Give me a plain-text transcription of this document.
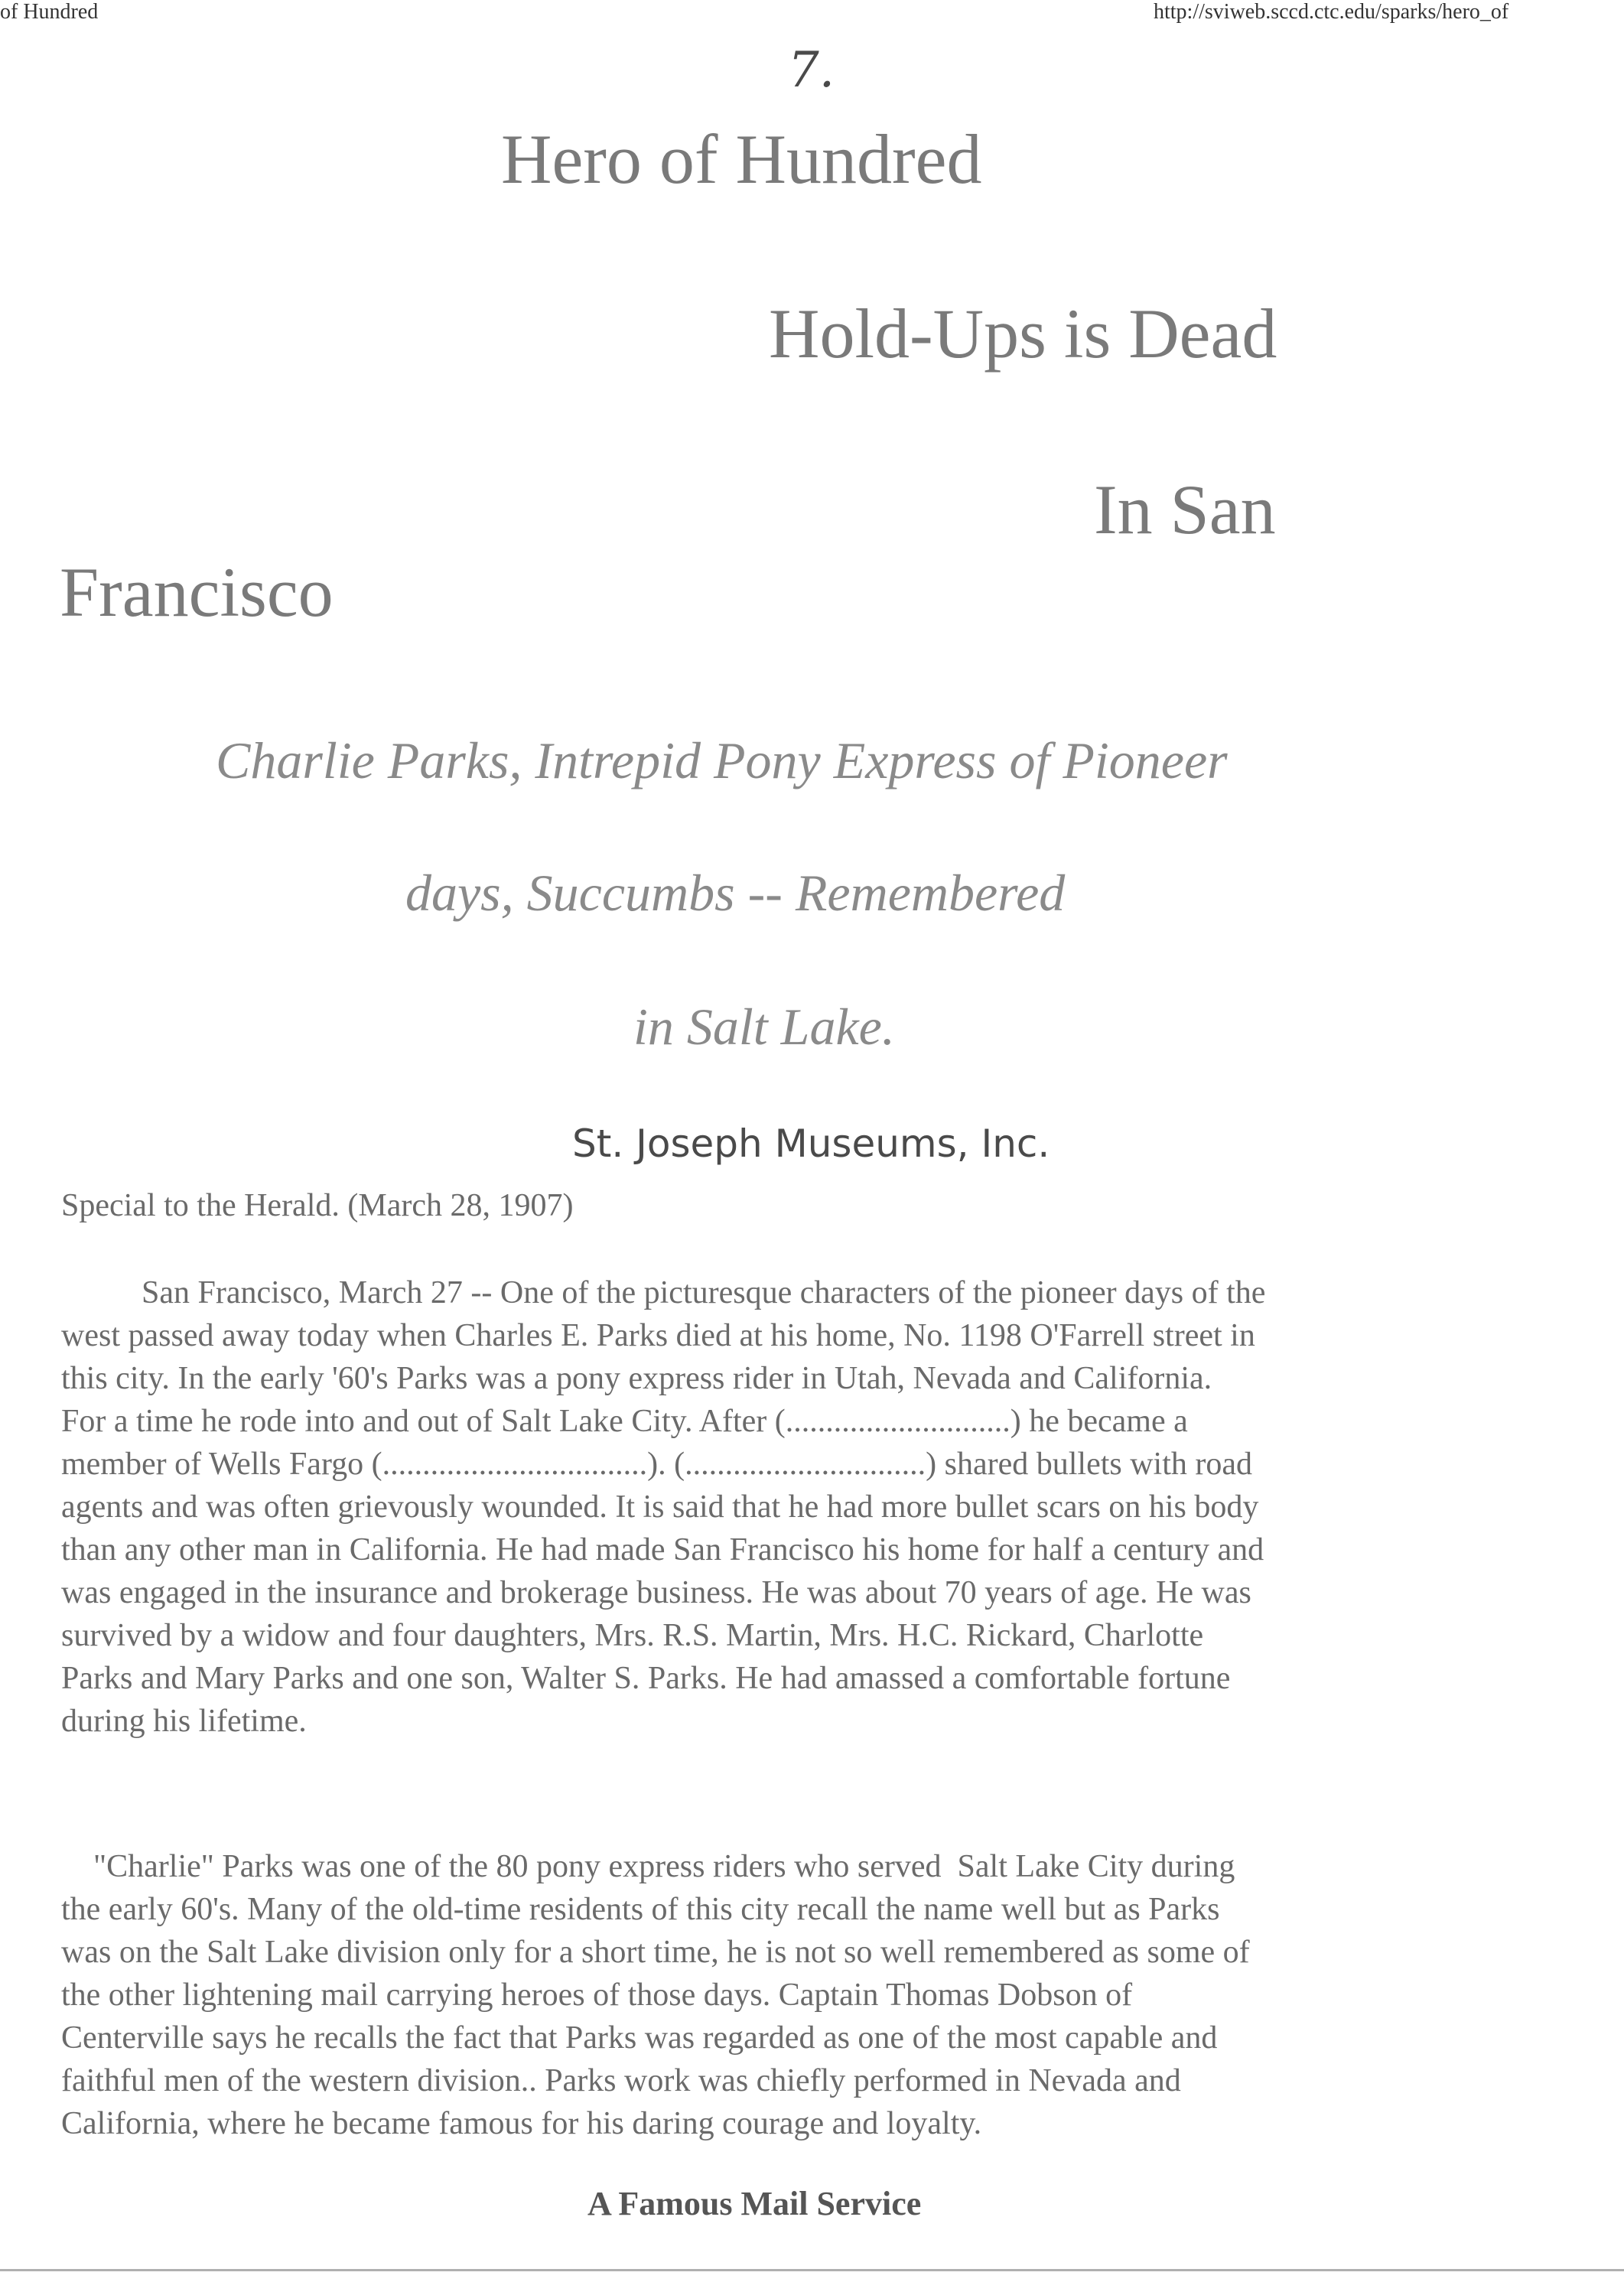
of Hundred	http://sviweb.sccd.ctc.edu/sparks/hero_of
7.
Hero of Hundred
Hold-Ups is Dead
In San
Francisco
Charlie Parks, Intrepid Pony Express of Pioneer
days, Succumbs -- Remembered
in Salt Lake.
St. Joseph Museums, Inc.
Special to the Herald. (March 28, 1907)
San Francisco, March 27 -- One of the picturesque characters of the pioneer days of the
west passed away today when Charles E. Parks died at his home, No. 1198 O'Farrell street in
this city. In the early '60's Parks was a pony express rider in Utah, Nevada and California.
For a time he rode into and out of Salt Lake City. After (............................) he became a
member of Wells Fargo (.................................). (..............................) shared bullets with road
agents and was often grievously wounded. It is said that he had more bullet scars on his body
than any other man in California. He had made San Francisco his home for half a century and
was engaged in the insurance and brokerage business. He was about 70 years of age. He was
survived by a widow and four daughters, Mrs. R.S. Martin, Mrs. H.C. Rickard, Charlotte
Parks and Mary Parks and one son, Walter S. Parks. He had amassed a comfortable fortune
during his lifetime.
"Charlie" Parks was one of the 80 pony express riders who served  Salt Lake City during
the early 60's. Many of the old-time residents of this city recall the name well but as Parks
was on the Salt Lake division only for a short time, he is not so well remembered as some of
the other lightening mail carrying heroes of those days. Captain Thomas Dobson of
Centerville says he recalls the fact that Parks was regarded as one of the most capable and
faithful men of the western division.. Parks work was chiefly performed in Nevada and
California, where he became famous for his daring courage and loyalty.
A Famous Mail Service
